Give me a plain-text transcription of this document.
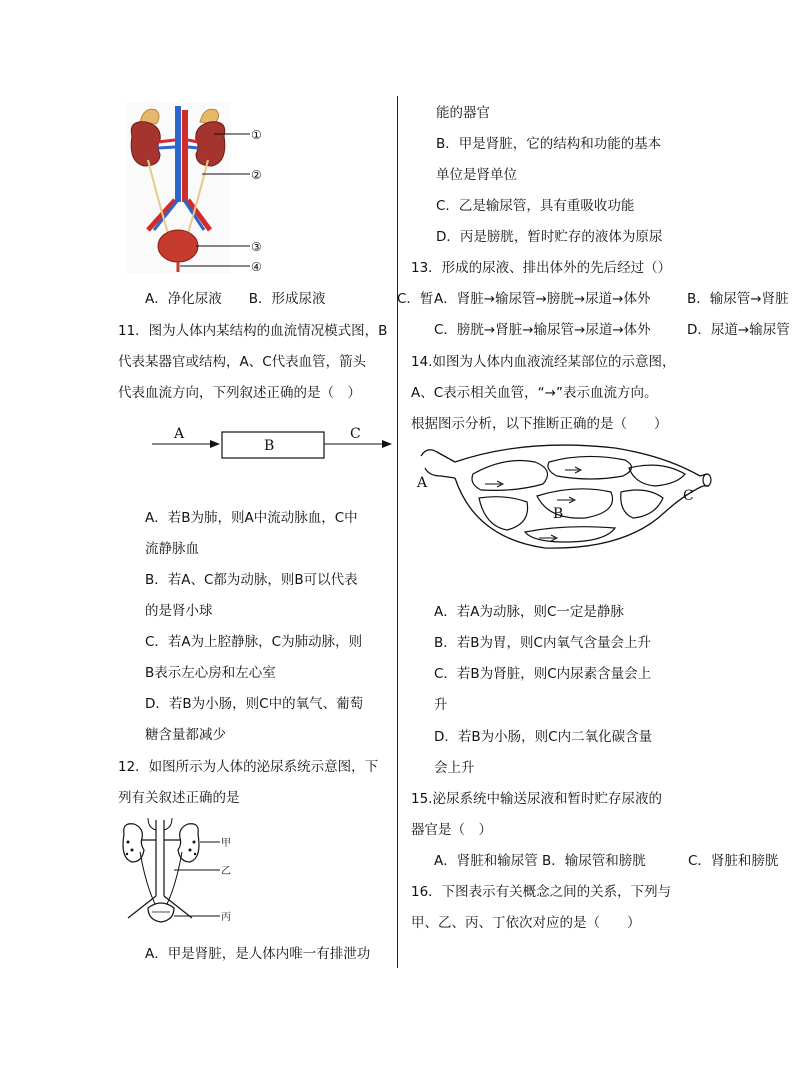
①
②
③
④
A．净化尿液　　B．形成尿液	C．暂
11．图为人体内某结构的血流情况模式图，B
代表某器官或结构，A、C代表血管，箭头
代表血流方向，下列叙述正确的是（　）
A
B
C
A．若B为肺，则A中流动脉血，C中
流静脉血
B．若A、C都为动脉，则B可以代表
的是肾小球
C．若A为上腔静脉，C为肺动脉，则
B表示左心房和左心室
D．若B为小肠，则C中的氧气、葡萄
糖含量都减少
12．如图所示为人体的泌尿系统示意图，下
列有关叙述正确的是
甲
乙
丙
A．甲是肾脏，是人体内唯一有排泄功
能的器官
B．甲是肾脏，它的结构和功能的基本
单位是肾单位
C．乙是输尿管，具有重吸收功能
D．丙是膀胱，暂时贮存的液体为原尿
13．形成的尿液、排出体外的先后经过（）
A．肾脏→输尿管→膀胱→尿道→体外	B．输尿管→肾脏
C．膀胱→肾脏→输尿管→尿道→体外	D．尿道→输尿管
14.如图为人体内血液流经某部位的示意图，
A、C表示相关血管，“→”表示血流方向。
根据图示分析，以下推断正确的是（　　）
A
B
C
A．若A为动脉，则C一定是静脉
B．若B为胃，则C内氧气含量会上升
C．若B为肾脏，则C内尿素含量会上
升
D．若B为小肠，则C内二氧化碳含量
会上升
15.泌尿系统中输送尿液和暂时贮存尿液的
器官是（　）
A．肾脏和输尿管 B．输尿管和膀胱	C．肾脏和膀胱
16．下图表示有关概念之间的关系，下列与
甲、乙、丙、丁依次对应的是（　　）
